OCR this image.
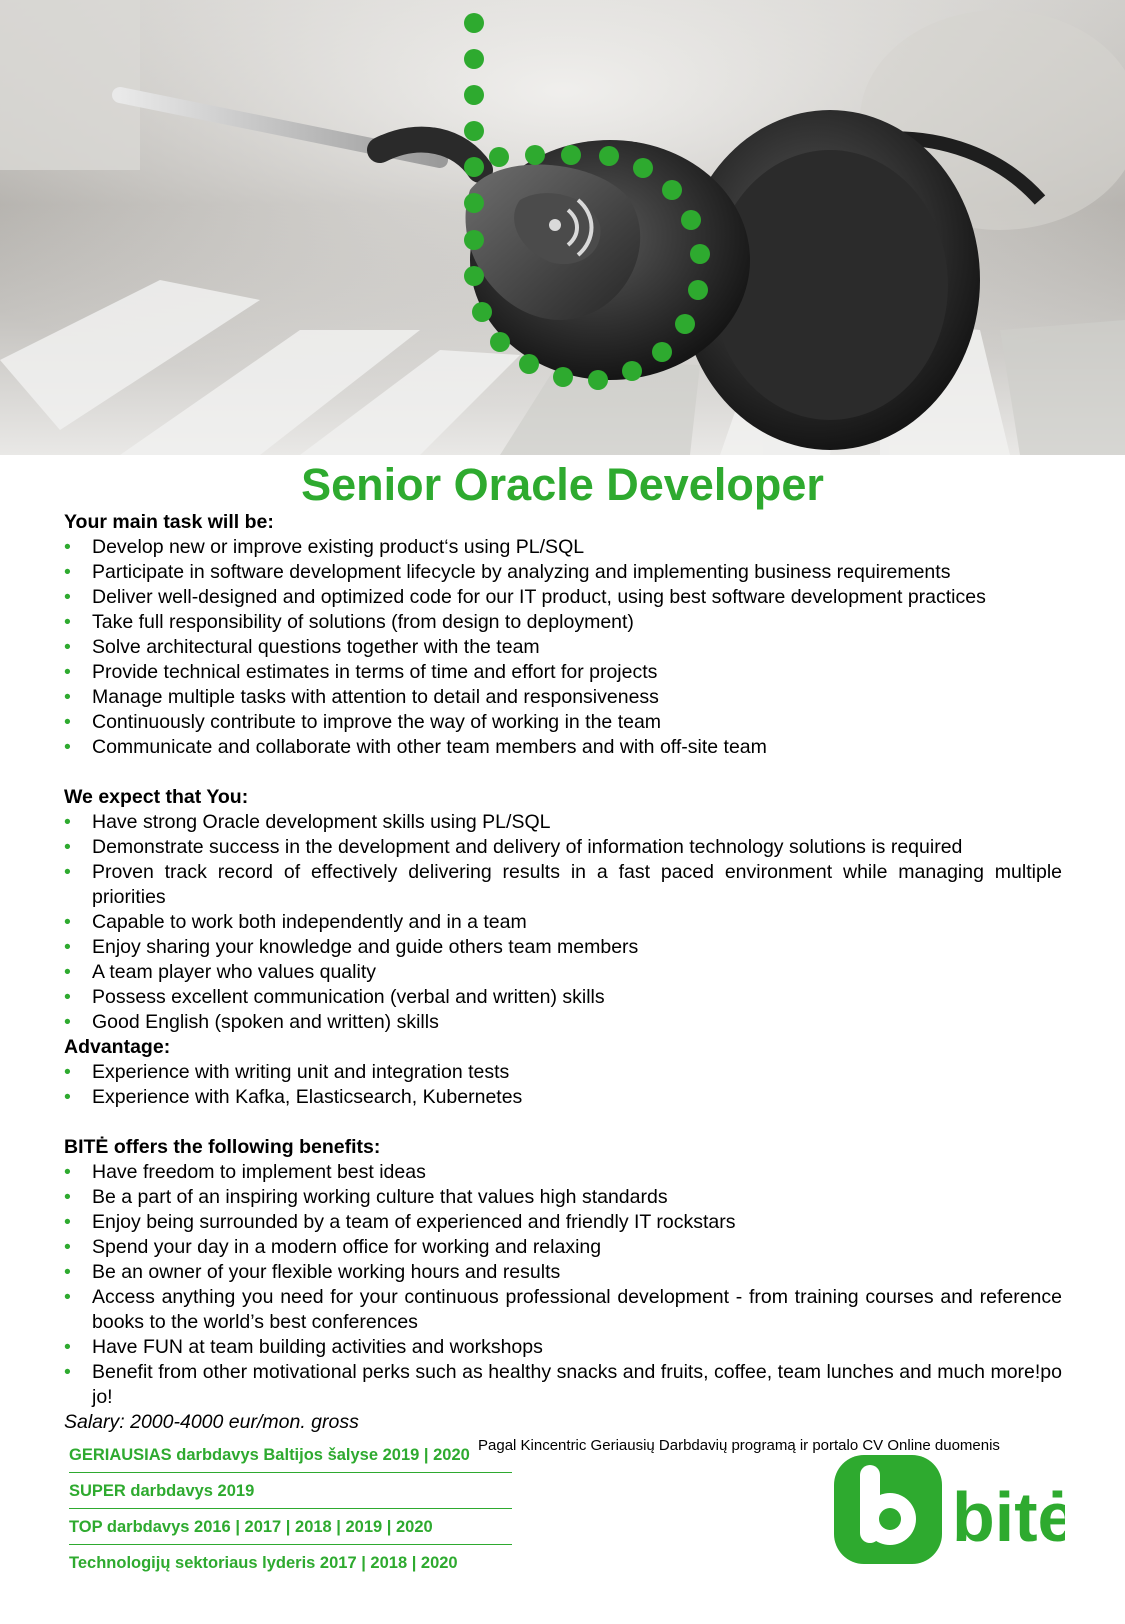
Senior Oracle Developer
Your main task will be:
• Develop new or improve existing product‘s using PL/SQL
• Participate in software development lifecycle by analyzing and implementing business requirements
• Deliver well-designed and optimized code for our IT product, using best software development practices
• Take full responsibility of solutions (from design to deployment)
• Solve architectural questions together with the team
• Provide technical estimates in terms of time and effort for projects
• Manage multiple tasks with attention to detail and responsiveness
• Continuously contribute to improve the way of working in the team
• Communicate and collaborate with other team members and with off-site team
We expect that You:
• Have strong Oracle development skills using PL/SQL
• Demonstrate success in the development and delivery of information technology solutions is required
• Proven track record of effectively delivering results in a fast paced environment while managing multiple priorities
• Capable to work both independently and in a team
• Enjoy sharing your knowledge and guide others team members
• A team player who values quality
• Possess excellent communication (verbal and written) skills
• Good English (spoken and written) skills
Advantage:
• Experience with writing unit and integration tests
• Experience with Kafka, Elasticsearch, Kubernetes
BITĖ offers the following benefits:
• Have freedom to implement best ideas
• Be a part of an inspiring working culture that values high standards
• Enjoy being surrounded by a team of experienced and friendly IT rockstars
• Spend your day in a modern office for working and relaxing
• Be an owner of your flexible working hours and results
• Access anything you need for your continuous professional development - from training courses and reference books to the world’s best conferences
• Have FUN at team building activities and workshops
• Benefit from other motivational perks such as healthy snacks and fruits, coffee, team lunches and much more!po jo!
Salary: 2000-4000 eur/mon. gross
GERIAUSIAS darbdavys Baltijos šalyse 2019 | 2020
SUPER darbdavys 2019
TOP darbdavys 2016 | 2017 | 2018 | 2019 | 2020
Technologijų sektoriaus lyderis 2017 | 2018 | 2020
Pagal Kincentric Geriausių Darbdavių programą ir portalo CV Online duomenis
bitė
